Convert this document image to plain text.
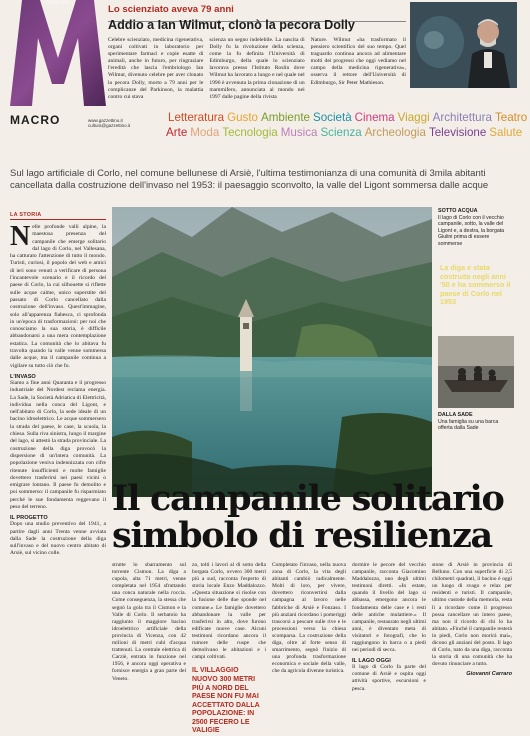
CULTURA
Lo scienziato aveva 79 anni
Addio a Ian Wilmut, clonò la pecora Dolly
Celebre scienziato, medicina rigenerativa, organi coltivati in laboratorio per sperimentare farmaci e copie esatte di animali, anche in futuro, per ringraziare l'eredità che lascia l'embriologo Ian Wilmut, divenuto celebre per aver clonato la pecora Dolly, morto a 79 anni per le complicanze del Parkinson, la malattia contro cui stava
scienza un segno indelebile. La nascita di Dolly fu la rivoluzione della scienza, come la fu definita l'Università di Edimburgo, della quale lo scienziato lavorava presso l'Istituto Roslin dove Wilmut ha lavorato a lungo e nel quale nel 1996 è avvenuta la prima clonazione di un mammifero, annunciata al mondo nel 1997 dalle pagine della rivista
Nature. Wilmut «ha trasformato il pensiero scientifico del suo tempo. Quel traguardo continua ancora ad alimentare molti dei progressi che oggi vediamo nel campo della medicina rigenerativa», osserva il rettore dell'Università di Edimburgo, Sir Peter Mathieson.
MACRO	www.gazzettino.it
cultura@gazzettino.it
Letteratura Gusto Ambiente Società Cinema Viaggi Architettura Teatro
Arte Moda Tecnologia Musica Scienza Archeologia Televisione Salute
Sul lago artificiale di Corlo, nel comune bellunese di Arsiè, l'ultima testimonianza di una comunità di 3mila abitanti cancellata dalla costruzione dell'invaso nel 1953: il paesaggio sconvolto, la valle del Ligont sommersa dalle acque
LA STORIA
Nelle profonde valli alpine, la maestosa presenza del campanile che emerge solitario dal lago di Corlo, nel Vallesana, ha catturato l'attenzione di tutto il mondo. Turisti, curiosi, il popolo del web e amici di ieri sono venuti a verificare di persona l'incantevole scenario e il ricordo del paese di Corlo, la cui silhouette si riflette sulle acque calme, unico superstite del passato di Corlo cancellato dalla costruzione dell'invaso. Quest'immagine, solo all'apparenza fiabesca, ci sprofonda in un'epoca di trasformazioni: per noi che conosciamo la sua storia, è difficile abbandonarsi a una mera contemplazione estatica. La comunità che lo abitava fu travolta quando la valle venne sommersa dalle acque, ma il campanile continua a vigilare su tutto ciò che fu.
L'INVASO
Siamo a fine anni Quaranta e il progresso industriale del Nordest reclama energia. La Sade, la Società Adriatica di Elettricità, individua nella conca del Ligont, e nell'abitato di Corlo, la sede ideale di un bacino idroelettrico. Le acque sommersero la strada del paese, le case, la scuola, la chiesa. Sulla riva sinistra, lungo il margine del lago, si attestò la strada provinciale. La costruzione della diga provocò la dispersione di un'intera comunità. La popolazione veniva indennizzata con cifre ritenute insufficienti e molte famiglie dovettero trasferirsi nei paesi vicini o emigrare lontano. Il paese fu demolito e poi sommerso: il campanile fu risparmiato perché le sue fondamenta reggevano il peso del terreno.
IL PROGETTO
Dopo una studio preventivo del 1941, a partire dagli anni Trenta venne avviata dalla Sade la costruzione della diga sull'invaso e del nuovo centro abitato di Arsiè, sul vicino colle.
SOTTO ACQUA
Il lago di Corlo con il vecchio campanile, sotto, la valle del Ligont e, a destra, la borgata Giulini prima di essere sommerse
La diga e stata costruita negli anni '50 e ha sommerso il paese di Corlo nel 1953
DALLA SADE
Una famiglia su una barca offerta dalla Sade
Il campanile solitario
simbolo di resilienza
strutte lo sbarramento sul torrente Cismon. La diga a cupola, alta 71 metri, venne completata nel 1954 sfruttando una conca naturale nella roccia. Come conseguenza, la stessa che segnò la gola tra il Cismon e la Valle di Corlo. Il serbatoio ha raggiunto il maggiore bacino idroelettrico artificiale della provincia di Vicenza, con 42 milioni di metri cubi d'acqua trattenuti. La centrale elettrica di Carziè, entrata in funzione nel 1956, è ancora oggi operativa e fornisce energia a gran parte del Veneto.
zo, tolti i lavori al di sotto della borgata Corlo, ovvero 300 metri più a sud, racconta l'esperto di storia locale Enzo Maddalozzo. «Questa situazione si risolse con la fusione delle due sponde nel comune.» Le famiglie dovettero abbandonare la valle per trasferirsi in alto, dove furono edificate nuove case. Alcuni testimoni ricordano ancora il rumore delle ruspe che demolivano le abitazioni e i campi coltivati.
IL VILLAGGIO NUOVO 300 METRI PIÙ A NORD DEL PAESE NON FU MAI ACCETTATO DALLA POPOLAZIONE: IN 2500 FECERO LE VALIGIE
Completato l'invaso, nella nuova zona di Corlo, la vita degli abitanti cambiò radicalmente. Molti di loro, per vivere, dovettero riconvertirsi dalla campagna al lavoro nelle fabbriche di Arsiè e Fonzaso. I più anziani ricordano i pomeriggi trascorsi a pescare sulle rive e le processioni verso la chiesa scomparsa. La costruzione della diga, oltre al forte senso di smarrimento, segnò l'inizio di una profonda trasformazione economica e sociale della valle, che da agricola divenne turistica.
dormire le pecore del vecchio campanile, racconta Giacomino Maddalozzo, uno degli ultimi testimoni diretti. «In estate, quando il livello del lago si abbassa, emergono ancora le fondamenta delle case e i resti delle antiche mulattiere.» Il campanile, restaurato negli ultimi anni, è diventato meta di visitatori e fotografi, che lo raggiungono in barca o a piedi nei periodi di secca.
IL LAGO OGGI
Il lago di Corlo fa parte del comune di Arsiè e ospita oggi attività sportive, escursioni e pesca.
stone di Arsiè in provincia di Belluno. Con una superficie di 2,5 chilometri quadrati, il bacino è oggi un luogo di svago e relax per residenti e turisti. Il campanile, ultimo custode della memoria, resta lì a ricordare come il progresso possa cancellare un intero paese, ma non il ricordo di chi lo ha abitato. «Finché il campanile resterà in piedi, Corlo non morirà mai», dicono gli anziani del posto. Il lago di Corlo, nato da una diga, racconta la storia di una comunità che ha dovuto rinunciare a tutto.
Giovanni Carraro
